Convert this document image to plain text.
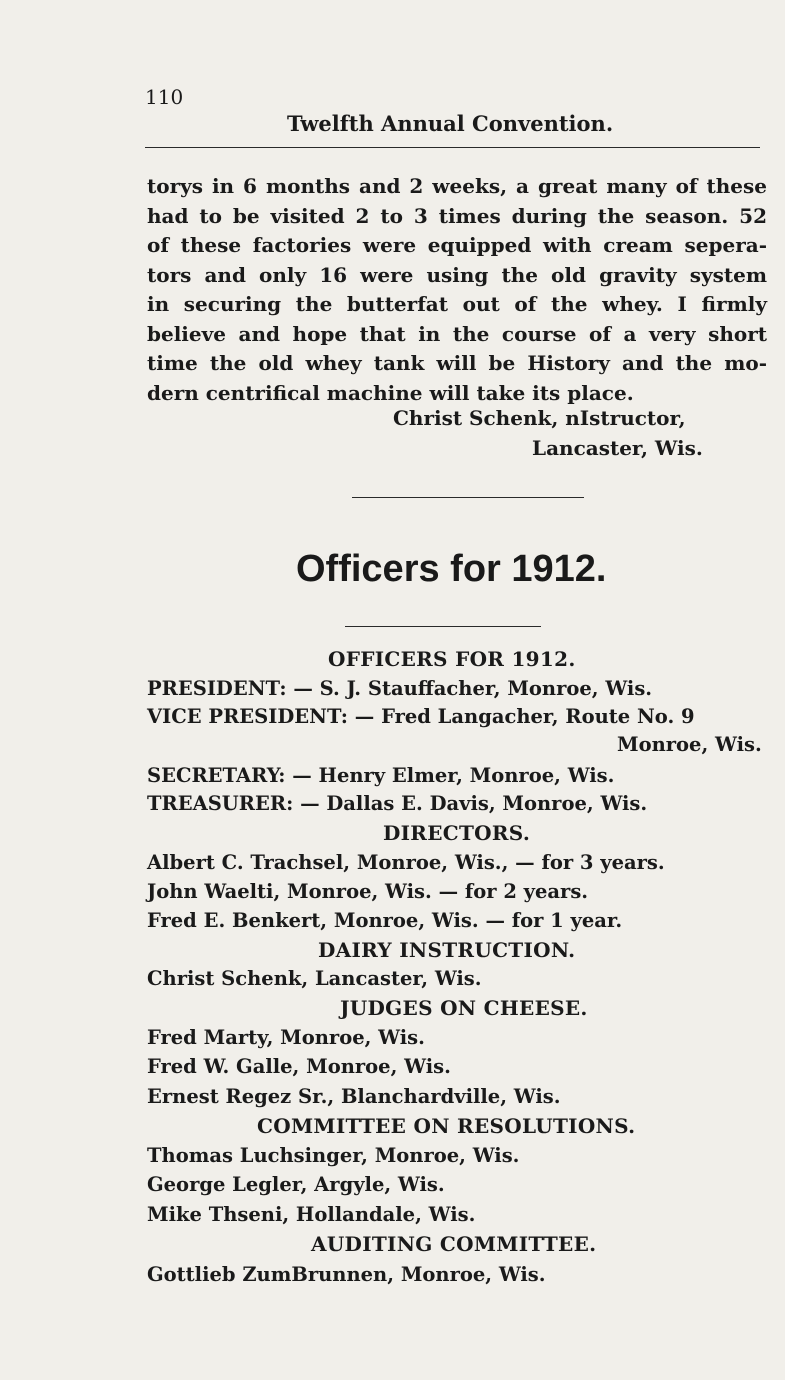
110
Twelfth Annual Convention.
torys in 6 months and 2 weeks, a great many of these
had to be visited 2 to 3 times during the season. 52
of these factories were equipped with cream sepera-
tors and only 16 were using the old gravity system
in securing the butterfat out of the whey. I firmly
believe and hope that in the course of a very short
time the old whey tank will be History and the mo-
dern centrifical machine will take its place.
Christ Schenk, nIstructor,
Lancaster, Wis.
Officers for 1912.
OFFICERS FOR 1912.
PRESIDENT: — S. J. Stauffacher, Monroe, Wis.
VICE PRESIDENT: — Fred Langacher, Route No. 9
Monroe, Wis.
SECRETARY: — Henry Elmer, Monroe, Wis.
TREASURER: — Dallas E. Davis, Monroe, Wis.
DIRECTORS.
Albert C. Trachsel, Monroe, Wis., — for 3 years.
John Waelti, Monroe, Wis. — for 2 years.
Fred E. Benkert, Monroe, Wis. — for 1 year.
DAIRY INSTRUCTION.
Christ Schenk, Lancaster, Wis.
JUDGES ON CHEESE.
Fred Marty, Monroe, Wis.
Fred W. Galle, Monroe, Wis.
Ernest Regez Sr., Blanchardville, Wis.
COMMITTEE ON RESOLUTIONS.
Thomas Luchsinger, Monroe, Wis.
George Legler, Argyle, Wis.
Mike Thseni, Hollandale, Wis.
AUDITING COMMITTEE.
Gottlieb ZumBrunnen, Monroe, Wis.
